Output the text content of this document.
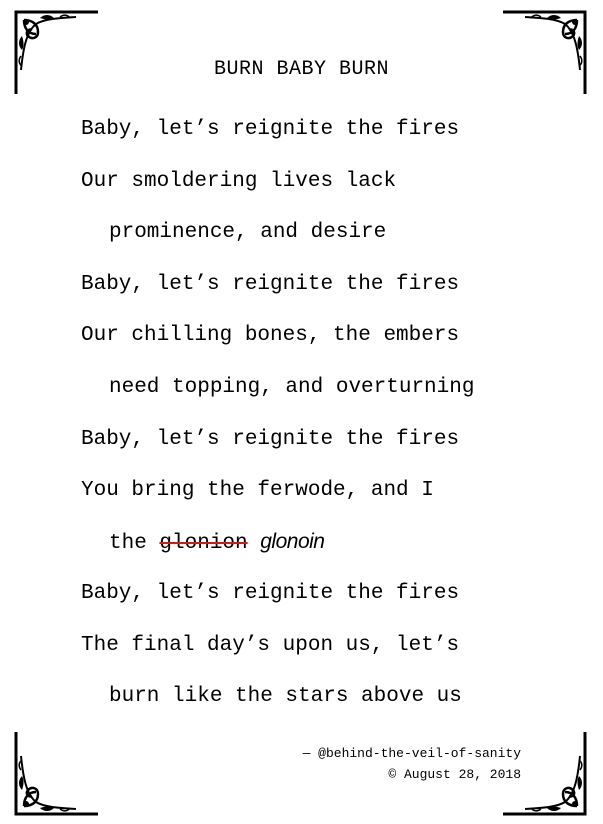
BURN BABY BURN
Baby, let’s reignite the fires
Our smoldering lives lack
prominence, and desire
Baby, let’s reignite the fires
Our chilling bones, the embers
need topping, and overturning
Baby, let’s reignite the fires
You bring the ferwode, and I
the glonion glonoin
Baby, let’s reignite the fires
The final day’s upon us, let’s
burn like the stars above us
— @behind-the-veil-of-sanity
© August 28, 2018
